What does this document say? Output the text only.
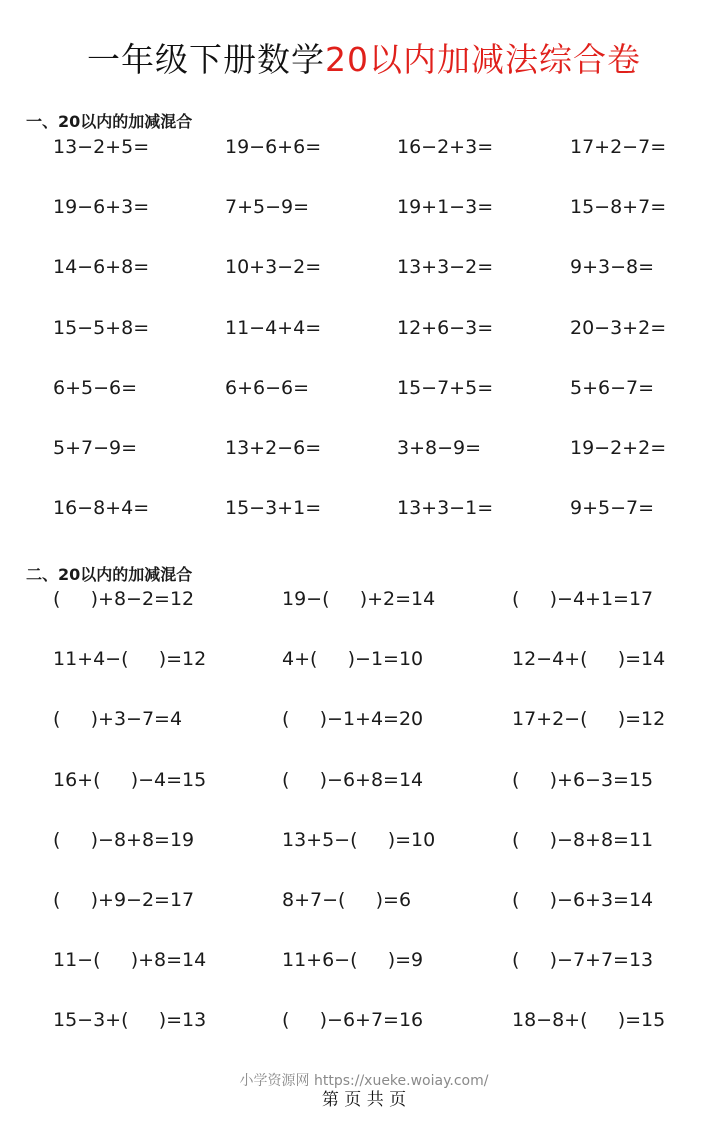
一年级下册数学20以内加减法综合卷
一、20以内的加减混合
13−2+5=	19−6+6=	16−2+3=	17+2−7=
19−6+3=	7+5−9=	19+1−3=	15−8+7=
14−6+8=	10+3−2=	13+3−2=	9+3−8=
15−5+8=	11−4+4=	12+6−3=	20−3+2=
6+5−6=	6+6−6=	15−7+5=	5+6−7=
5+7−9=	13+2−6=	3+8−9=	19−2+2=
16−8+4=	15−3+1=	13+3−1=	9+5−7=
二、20以内的加减混合
(     )+8−2=12	19−(     )+2=14	(     )−4+1=17
11+4−(     )=12	4+(     )−1=10	12−4+(     )=14
(     )+3−7=4	(     )−1+4=20	17+2−(     )=12
16+(     )−4=15	(     )−6+8=14	(     )+6−3=15
(     )−8+8=19	13+5−(     )=10	(     )−8+8=11
(     )+9−2=17	8+7−(     )=6	(     )−6+3=14
11−(     )+8=14	11+6−(     )=9	(     )−7+7=13
15−3+(     )=13	(     )−6+7=16	18−8+(     )=15
小学资源网 https://xueke.woiay.com/
第 页 共 页
